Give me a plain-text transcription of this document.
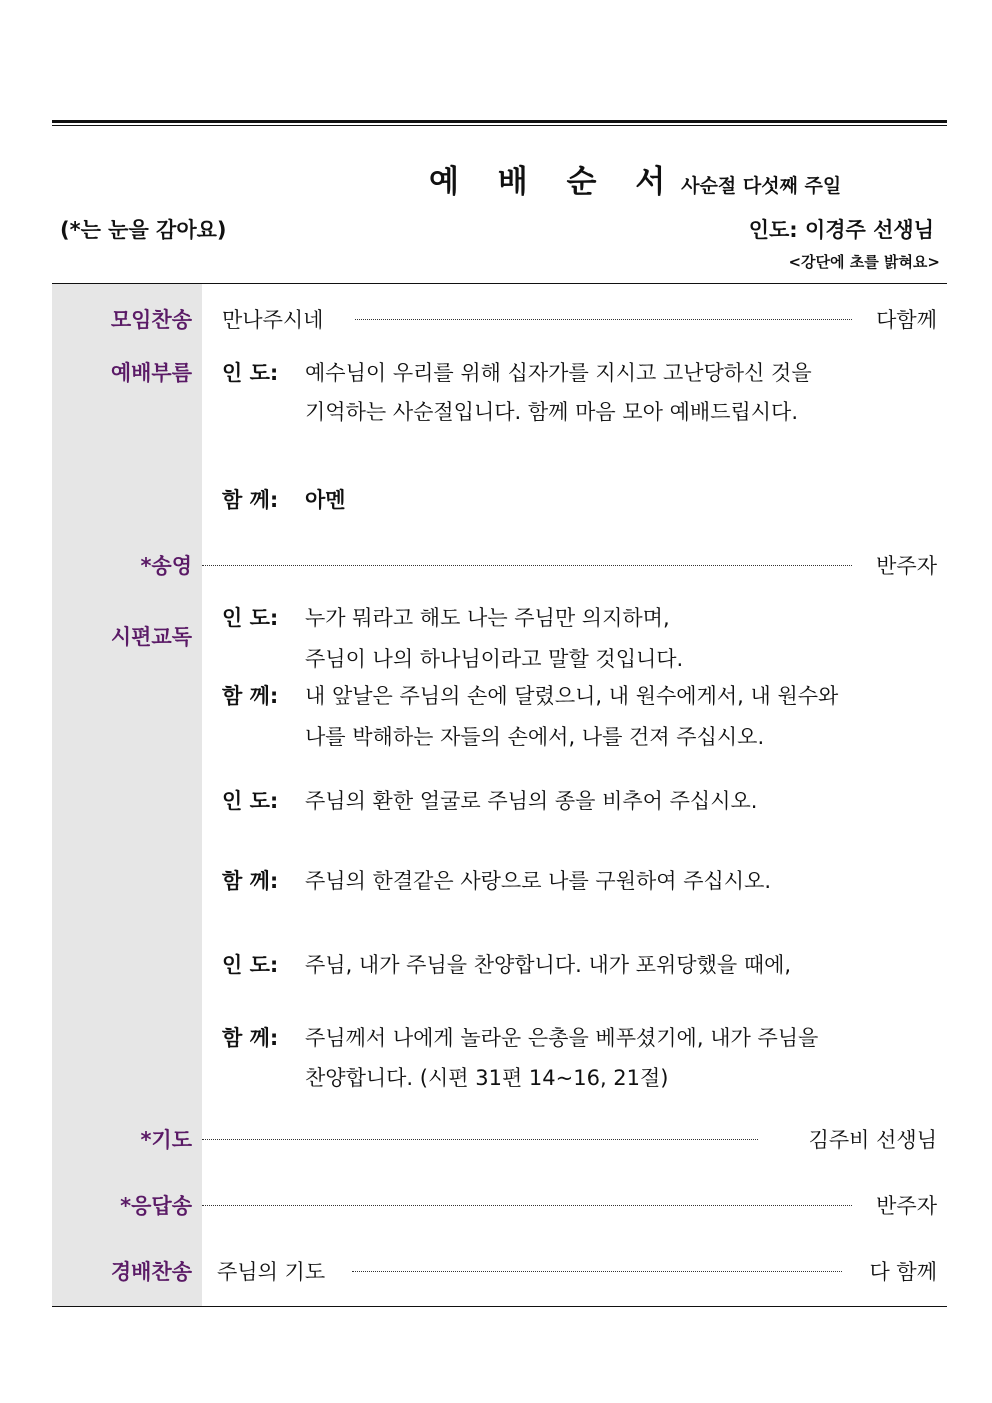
예 배 순 서 사순절 다섯째 주일
(*는 눈을 감아요)	인도: 이경주 선생님
<강단에 초를 밝혀요>
모임찬송 만나주시네	다함께
예배부름 인 도: 예수님이 우리를 위해 십자가를 지시고 고난당하신 것을
기억하는 사순절입니다. 함께 마음 모아 예배드립시다.
함 께: 아멘
*송영	반주자
시편교독
인 도: 누가 뭐라고 해도 나는 주님만 의지하며,
주님이 나의 하나님이라고 말할 것입니다.
함 께: 내 앞날은 주님의 손에 달렸으니, 내 원수에게서, 내 원수와
나를 박해하는 자들의 손에서, 나를 건져 주십시오.
인 도: 주님의 환한 얼굴로 주님의 종을 비추어 주십시오.
함 께: 주님의 한결같은 사랑으로 나를 구원하여 주십시오.
인 도: 주님, 내가 주님을 찬양합니다. 내가 포위당했을 때에,
함 께: 주님께서 나에게 놀라운 은총을 베푸셨기에, 내가 주님을
찬양합니다. (시편 31편 14~16, 21절)
*기도	김주비 선생님
*응답송	반주자
경배찬송 주님의 기도	다 함께
